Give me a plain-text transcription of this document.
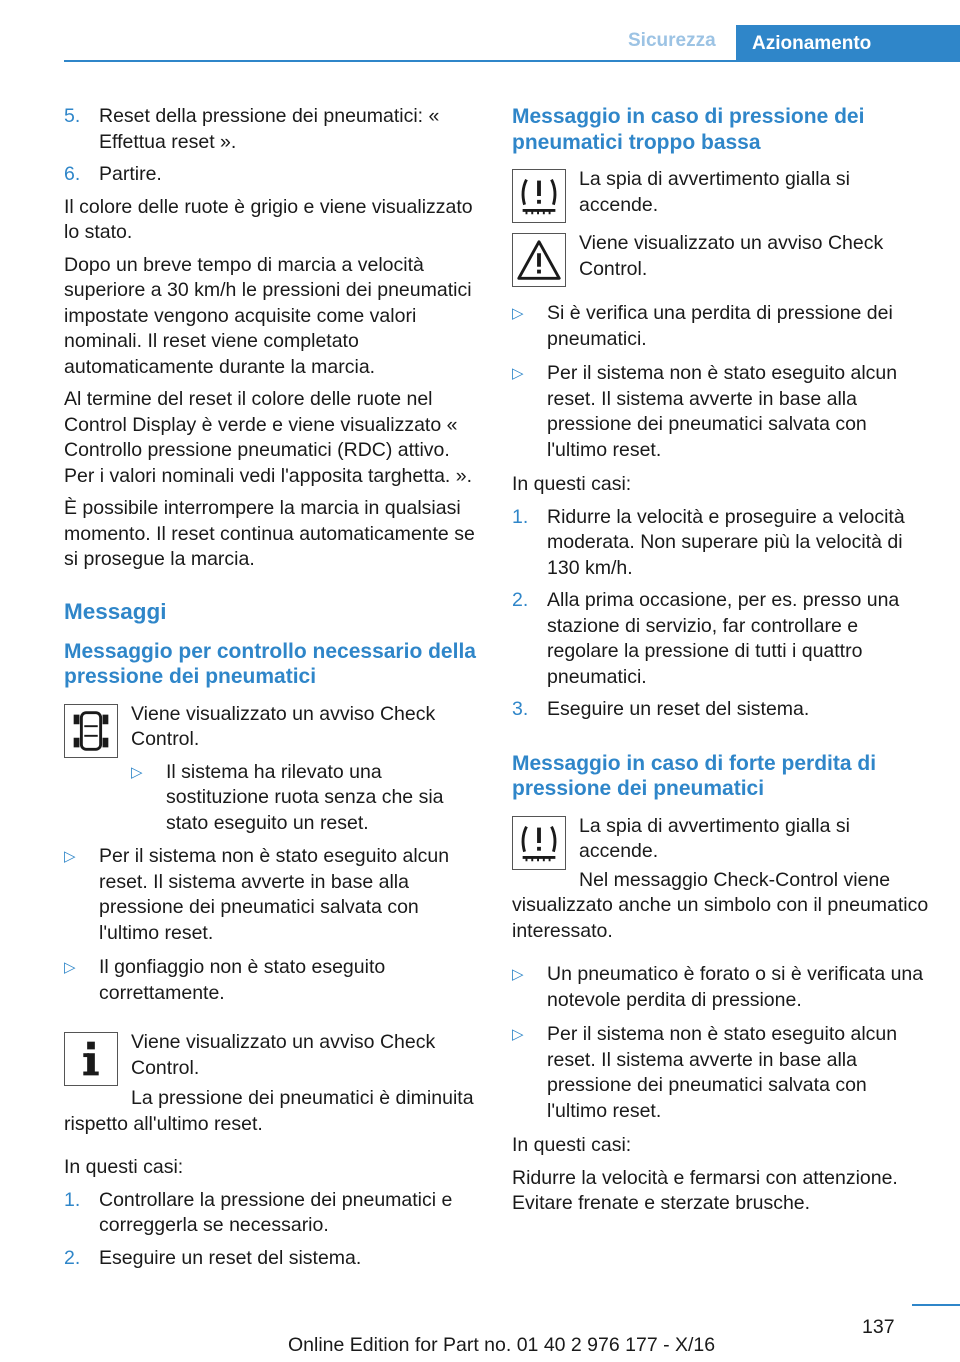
Sicurezza	Azionamento
5. Reset della pressione dei pneumatici: « Effettua reset ».
6. Partire.

Il colore delle ruote è grigio e viene visualizzato lo stato.

Dopo un breve tempo di marcia a velocità superiore a 30 km/h le pressioni dei pneumatici impostate vengono acquisite come valori nominali. Il reset viene completato automaticamente durante la marcia.

Al termine del reset il colore delle ruote nel Control Display è verde e viene visualizzato « Controllo pressione pneumatici (RDC) attivo. Per i valori nominali vedi l'apposita targhetta. ».

È possibile interrompere la marcia in qualsiasi momento. Il reset continua automaticamente se si prosegue la marcia.

Messaggi
Messaggio per controllo necessario della pressione dei pneumatici

Viene visualizzato un avviso Check Control.

▷ Il sistema ha rilevato una sostituzione ruota senza che sia stato eseguito un reset.
▷ Per il sistema non è stato eseguito alcun reset. Il sistema avverte in base alla pressione dei pneumatici salvata con l'ultimo reset.
▷ Il gonfiaggio non è stato eseguito correttamente.

Viene visualizzato un avviso Check Control.

La pressione dei pneumatici è diminuita rispetto all'ultimo reset.

In questi casi:

1. Controllare la pressione dei pneumatici e correggerla se necessario.
2. Eseguire un reset del sistema.
Messaggio in caso di pressione dei pneumatici troppo bassa

La spia di avvertimento gialla si accende.

Viene visualizzato un avviso Check Control.

▷ Si è verifica una perdita di pressione dei pneumatici.
▷ Per il sistema non è stato eseguito alcun reset. Il sistema avverte in base alla pressione dei pneumatici salvata con l'ultimo reset.

In questi casi:

1. Ridurre la velocità e proseguire a velocità moderata. Non superare più la velocità di 130 km/h.
2. Alla prima occasione, per es. presso una stazione di servizio, far controllare e regolare la pressione di tutti i quattro pneumatici.
3. Eseguire un reset del sistema.
Messaggio in caso di forte perdita di pressione dei pneumatici

La spia di avvertimento gialla si accende.

Nel messaggio Check-Control viene visualizzato anche un simbolo con il pneumatico interessato.

▷ Un pneumatico è forato o si è verificata una notevole perdita di pressione.
▷ Per il sistema non è stato eseguito alcun reset. Il sistema avverte in base alla pressione dei pneumatici salvata con l'ultimo reset.

In questi casi:

Ridurre la velocità e fermarsi con attenzione. Evitare frenate e sterzate brusche.

137
Online Edition for Part no. 01 40 2 976 177 - X/16
